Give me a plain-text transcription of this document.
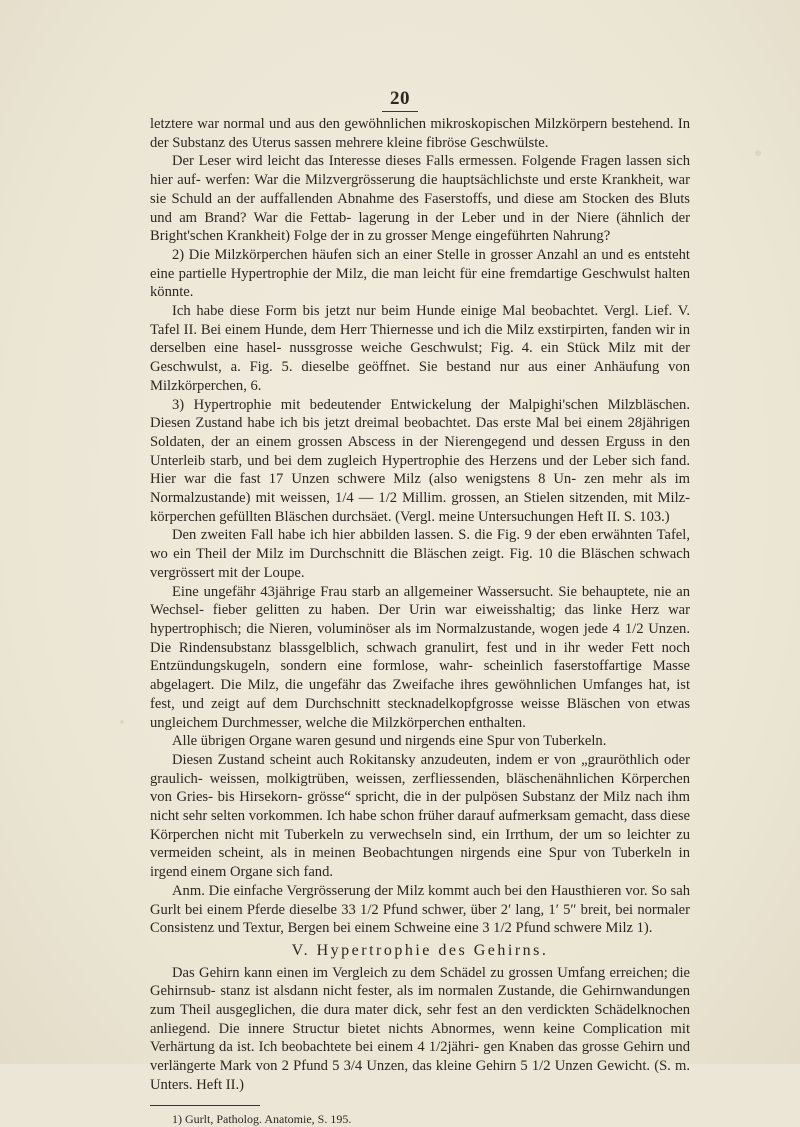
20

letztere war normal und aus den gewöhnlichen mikroskopischen Milzkörpern bestehend. In der Substanz des Uterus sassen mehrere kleine fibröse Geschwülste.

Der Leser wird leicht das Interesse dieses Falls ermessen. Folgende Fragen lassen sich hier auf- werfen: War die Milzvergrösserung die hauptsächlichste und erste Krankheit, war sie Schuld an der auffallenden Abnahme des Faserstoffs, und diese am Stocken des Bluts und am Brand? War die Fettab- lagerung in der Leber und in der Niere (ähnlich der Bright'schen Krankheit) Folge der in zu grosser Menge eingeführten Nahrung?

2) Die Milzkörperchen häufen sich an einer Stelle in grosser Anzahl an und es entsteht eine partielle Hypertrophie der Milz, die man leicht für eine fremdartige Geschwulst halten könnte.

Ich habe diese Form bis jetzt nur beim Hunde einige Mal beobachtet. Vergl. Lief. V. Tafel II. Bei einem Hunde, dem Herr Thiernesse und ich die Milz exstirpirten, fanden wir in derselben eine hasel- nussgrosse weiche Geschwulst; Fig. 4. ein Stück Milz mit der Geschwulst, a. Fig. 5. dieselbe geöffnet. Sie bestand nur aus einer Anhäufung von Milzkörperchen, 6.

3) Hypertrophie mit bedeutender Entwickelung der Malpighi'schen Milzbläschen. Diesen Zustand habe ich bis jetzt dreimal beobachtet. Das erste Mal bei einem 28jährigen Soldaten, der an einem grossen Abscess in der Nierengegend und dessen Erguss in den Unterleib starb, und bei dem zugleich Hypertrophie des Herzens und der Leber sich fand. Hier war die fast 17 Unzen schwere Milz (also wenigstens 8 Un- zen mehr als im Normalzustande) mit weissen, 1/4 — 1/2 Millim. grossen, an Stielen sitzenden, mit Milz- körperchen gefüllten Bläschen durchsäet. (Vergl. meine Untersuchungen Heft II. S. 103.)

Den zweiten Fall habe ich hier abbilden lassen. S. die Fig. 9 der eben erwähnten Tafel, wo ein Theil der Milz im Durchschnitt die Bläschen zeigt. Fig. 10 die Bläschen schwach vergrössert mit der Loupe.

Eine ungefähr 43jährige Frau starb an allgemeiner Wassersucht. Sie behauptete, nie an Wechsel- fieber gelitten zu haben. Der Urin war eiweisshaltig; das linke Herz war hypertrophisch; die Nieren, voluminöser als im Normalzustande, wogen jede 4 1/2 Unzen. Die Rindensubstanz blassgelblich, schwach granulirt, fest und in ihr weder Fett noch Entzündungskugeln, sondern eine formlose, wahr- scheinlich faserstoffartige Masse abgelagert. Die Milz, die ungefähr das Zweifache ihres gewöhnlichen Umfanges hat, ist fest, und zeigt auf dem Durchschnitt stecknadelkopfgrosse weisse Bläschen von etwas ungleichem Durchmesser, welche die Milzkörperchen enthalten.

Alle übrigen Organe waren gesund und nirgends eine Spur von Tuberkeln.

Diesen Zustand scheint auch Rokitansky anzudeuten, indem er von „grauröthlich oder graulich- weissen, molkigtrüben, weissen, zerfliessenden, bläschenähnlichen Körperchen von Gries- bis Hirsekorn- grösse“ spricht, die in der pulpösen Substanz der Milz nach ihm nicht sehr selten vorkommen. Ich habe schon früher darauf aufmerksam gemacht, dass diese Körperchen nicht mit Tuberkeln zu verwechseln sind, ein Irrthum, der um so leichter zu vermeiden scheint, als in meinen Beobachtungen nirgends eine Spur von Tuberkeln in irgend einem Organe sich fand.

Anm. Die einfache Vergrösserung der Milz kommt auch bei den Hausthieren vor. So sah Gurlt bei einem Pferde dieselbe 33 1/2 Pfund schwer, über 2′ lang, 1′ 5″ breit, bei normaler Consistenz und Textur, Bergen bei einem Schweine eine 3 1/2 Pfund schwere Milz 1).

V. Hypertrophie des Gehirns.

Das Gehirn kann einen im Vergleich zu dem Schädel zu grossen Umfang erreichen; die Gehirnsub- stanz ist alsdann nicht fester, als im normalen Zustande, die Gehirnwandungen zum Theil ausgeglichen, die dura mater dick, sehr fest an den verdickten Schädelknochen anliegend. Die innere Structur bietet nichts Abnormes, wenn keine Complication mit Verhärtung da ist. Ich beobachtete bei einem 4 1/2jähri- gen Knaben das grosse Gehirn und verlängerte Mark von 2 Pfund 5 3/4 Unzen, das kleine Gehirn 5 1/2 Unzen Gewicht. (S. m. Unters. Heft II.)

1) Gurlt, Patholog. Anatomie, S. 195.
